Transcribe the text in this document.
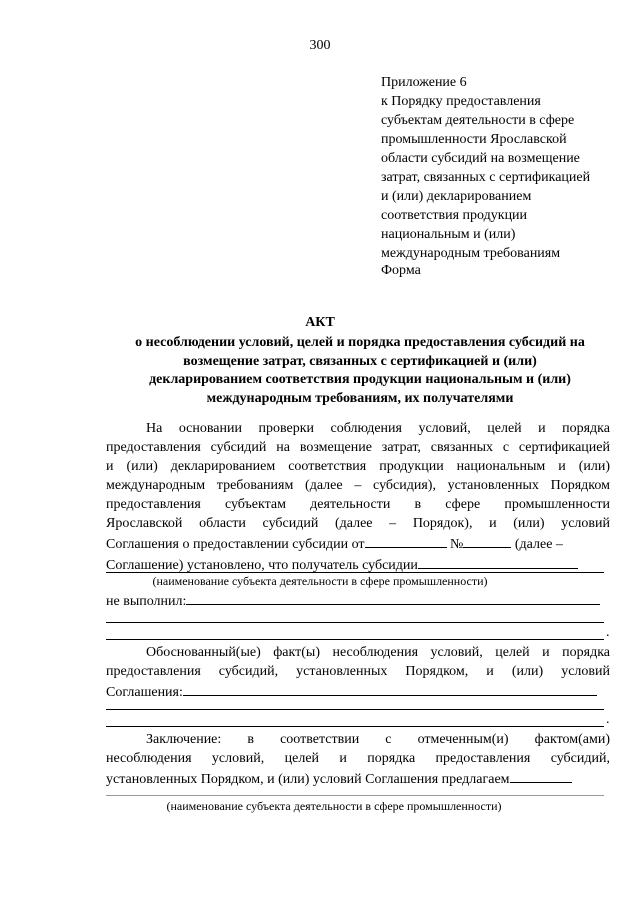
300
Приложение 6
к Порядку предоставления
субъектам деятельности в сфере
промышленности Ярославской
области субсидий на возмещение
затрат, связанных с сертификацией
и (или) декларированием
соответствия продукции
национальным и (или)
международным требованиям
Форма
АКТ
о несоблюдении условий, целей и порядка предоставления субсидий на
возмещение затрат, связанных с сертификацией и (или)
декларированием соответствия продукции национальным и (или)
международным требованиям, их получателями
На основании проверки соблюдения условий, целей и порядка
предоставления субсидий на возмещение затрат, связанных с сертификацией
и (или) декларированием соответствия продукции национальным и (или)
международным требованиям (далее – субсидия), установленных Порядком
предоставления субъектам деятельности в сфере промышленности
Ярославской области субсидий (далее – Порядок), и (или) условий
Соглашения о предоставлении субсидии от	№	(далее –
Соглашение) установлено, что получатель субсидии
(наименование субъекта деятельности в сфере промышленности)
не выполнил:
.
Обоснованный(ые) факт(ы) несоблюдения условий, целей и порядка
предоставления субсидий, установленных Порядком, и (или) условий
Соглашения:
.
Заключение: в соответствии с отмеченным(и) фактом(ами)
несоблюдения условий, целей и порядка предоставления субсидий,
установленных Порядком, и (или) условий Соглашения предлагаем
(наименование субъекта деятельности в сфере промышленности)
